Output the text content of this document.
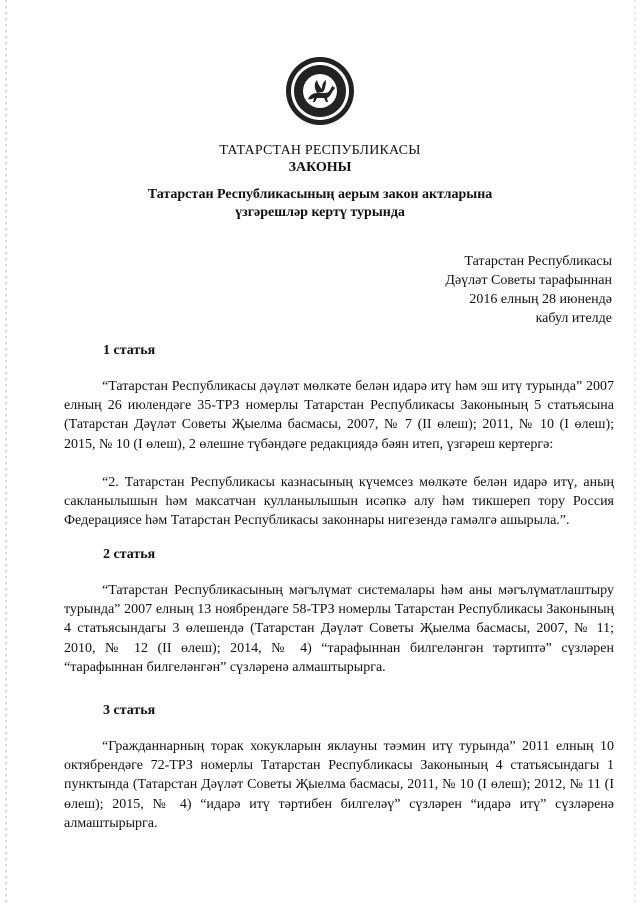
ТАТАРСТАН РЕСПУБЛИКАСЫ
ЗАКОНЫ
Татарстан Республикасының аерым закон актларына
үзгәрешләр кертү турында
Татарстан Республикасы
Дәүләт Советы тарафыннан
2016 елның 28 июнендә
кабул ителде
1 статья

“Татарстан Республикасы дәүләт мөлкәте белән идарә итү һәм эш итү турында” 2007 елның 26 июлендәге 35-ТРЗ номерлы Татарстан Республикасы Законының 5 статьясына (Татарстан Дәүләт Советы Җыелма басмасы, 2007, № 7 (II өлеш); 2011, № 10 (I өлеш); 2015, № 10 (I өлеш), 2 өлешне түбәндәге редакциядә бәян итеп, үзгәреш кертергә:

“2. Татарстан Республикасы казнасының күчемсез мөлкәте белән идарә итү, аның сакланылышын һәм максатчан кулланылышын исәпкә алу һәм тикшереп тору Россия Федерациясе һәм Татарстан Республикасы законнары нигезендә гамәлгә ашырыла.”.

2 статья

“Татарстан Республикасының мәгълүмат системалары һәм аны мәгълүматлаштыру турында” 2007 елның 13 ноябрендәге 58-ТРЗ номерлы Татарстан Республикасы Законының 4 статьясындагы 3 өлешендә (Татарстан Дәүләт Советы Җыелма басмасы, 2007, № 11; 2010, № 12 (II өлеш); 2014, № 4) “тарафыннан билгеләнгән тәртиптә” сүзләрен “тарафыннан билгеләнгән” сүзләренә алмаштырырга.

3 статья

“Гражданнарның торак хокукларын яклауны тәэмин итү турында” 2011 елның 10 октябрендәге 72-ТРЗ номерлы Татарстан Республикасы Законының 4 статьясындагы 1 пунктында (Татарстан Дәүләт Советы Җыелма басмасы, 2011, № 10 (I өлеш); 2012, № 11 (I өлеш); 2015, № 4) “идарә итү тәртибен билгеләү” сүзләрен “идарә итү” сүзләренә алмаштырырга.
